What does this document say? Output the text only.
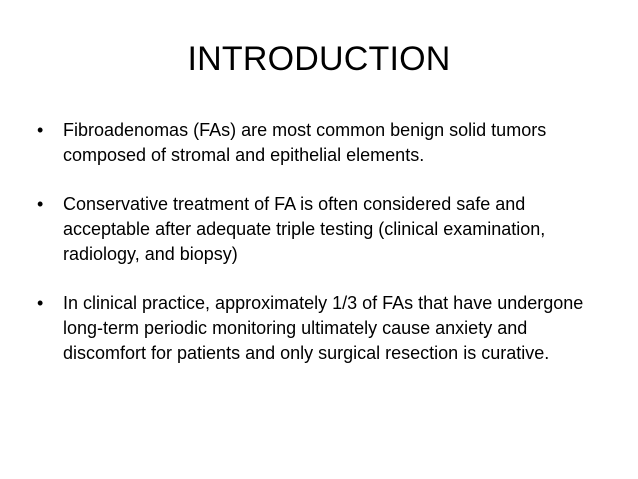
INTRODUCTION
•	Fibroadenomas (FAs) are most common benign solid tumors composed of stromal and epithelial elements.
•	Conservative treatment of FA is often considered safe and acceptable after adequate triple testing (clinical examination, radiology, and biopsy)
•	In clinical practice, approximately 1/3 of FAs that have undergone long-term periodic monitoring ultimately cause anxiety and discomfort for patients and only surgical resection is curative.
